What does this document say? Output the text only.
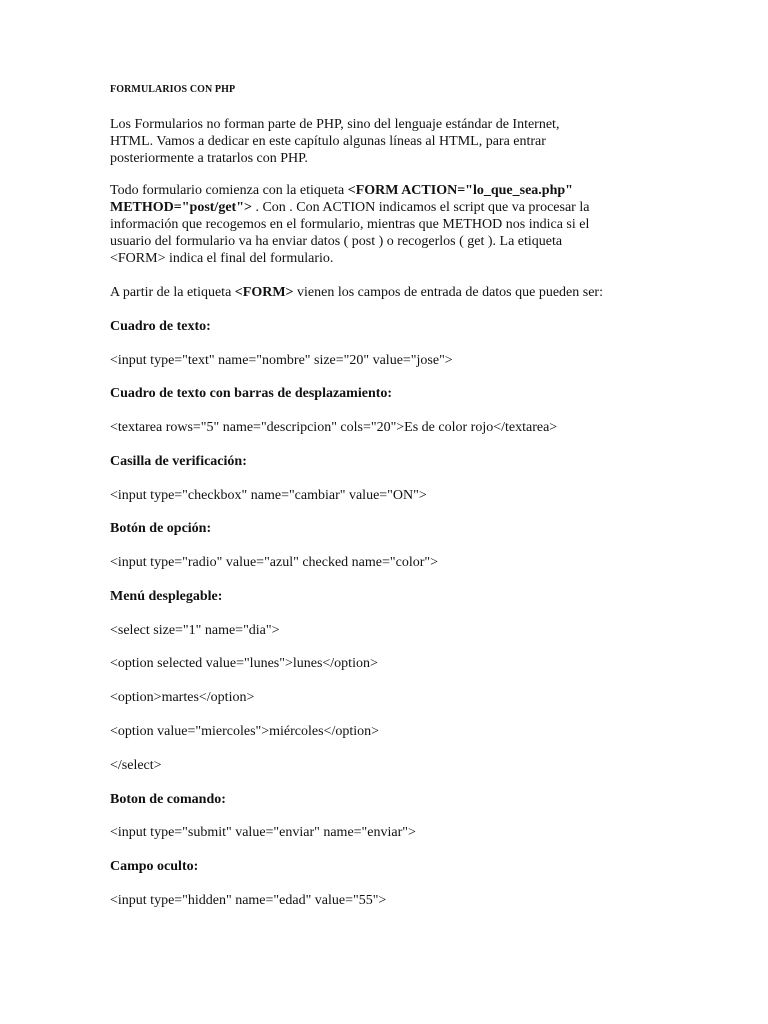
FORMULARIOS CON PHP

Los Formularios no forman parte de PHP, sino del lenguaje estándar de Internet,
HTML. Vamos a dedicar en este capítulo algunas líneas al HTML, para entrar
posteriormente a tratarlos con PHP.

Todo formulario comienza con la etiqueta <FORM ACTION="lo_que_sea.php"
METHOD="post/get"> . Con . Con ACTION indicamos el script que va procesar la
información que recogemos en el formulario, mientras que METHOD nos indica si el
usuario del formulario va ha enviar datos ( post ) o recogerlos ( get ). La etiqueta
<FORM> indica el final del formulario.

A partir de la etiqueta <FORM> vienen los campos de entrada de datos que pueden ser:
Cuadro de texto:
<input type="text" name="nombre" size="20" value="jose">
Cuadro de texto con barras de desplazamiento:
<textarea rows="5" name="descripcion" cols="20">Es de color rojo</textarea>
Casilla de verificación:
<input type="checkbox" name="cambiar" value="ON">
Botón de opción:
<input type="radio" value="azul" checked name="color">
Menú desplegable:
<select size="1" name="dia">
<option selected value="lunes">lunes</option>
<option>martes</option>
<option value="miercoles">miércoles</option>
</select>
Boton de comando:
<input type="submit" value="enviar" name="enviar">
Campo oculto:
<input type="hidden" name="edad" value="55">
